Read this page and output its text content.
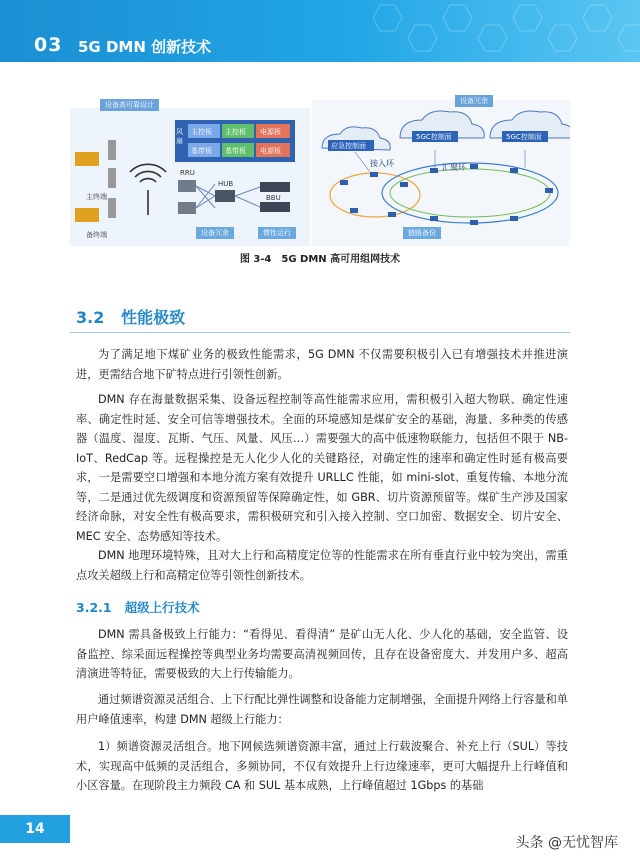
03 5G DMN 创新技术
设备高可靠设计	设备冗余
风扇
主控板 主控板 电源板
基带板 基带板 电源板
RRU
HUB
BBU
主终端
备终端	设备冗余	惯性运行	链路备份
应急控制面
5GC控制面	5GC控制面
接入环	汇聚环
图 3-4　5G DMN 高可用组网技术
3.2 性能极致

为了满足地下煤矿业务的极致性能需求，5G DMN 不仅需要积极引入已有增强技术并推进演进，更需结合地下矿特点进行引领性创新。

DMN 存在海量数据采集、设备远程控制等高性能需求应用，需积极引入超大物联、确定性速率、确定性时延、安全可信等增强技术。全面的环境感知是煤矿安全的基础，海量、多种类的传感器（温度、湿度、瓦斯、气压、风量、风压…）需要强大的高中低速物联能力，包括但不限于 NB-IoT、RedCap 等。远程操控是无人化少人化的关键路径，对确定性的速率和确定性时延有极高要求，一是需要空口增强和本地分流方案有效提升 URLLC 性能，如 mini-slot、重复传输、本地分流等，二是通过优先级调度和资源预留等保障确定性，如 GBR、切片资源预留等。煤矿生产涉及国家经济命脉，对安全性有极高要求，需积极研究和引入接入控制、空口加密、数据安全、切片安全、MEC 安全、态势感知等技术。

DMN 地理环境特殊，且对大上行和高精度定位等的性能需求在所有垂直行业中较为突出，需重点攻关超级上行和高精定位等引领性创新技术。

3.2.1 超级上行技术

DMN 需具备极致上行能力：“看得见、看得清” 是矿山无人化、少人化的基础，安全监管、设备监控、综采面远程操控等典型业务均需要高清视频回传，且存在设备密度大、并发用户多、超高清演进等特征，需要极致的大上行传输能力。

通过频谱资源灵活组合、上下行配比弹性调整和设备能力定制增强，全面提升网络上行容量和单用户峰值速率，构建 DMN 超级上行能力：

1）频谱资源灵活组合。地下网候选频谱资源丰富，通过上行载波聚合、补充上行（SUL）等技术，实现高中低频的灵活组合，多频协同，不仅有效提升上行边缘速率，更可大幅提升上行峰值和小区容量。在现阶段主力频段 CA 和 SUL 基本成熟，上行峰值超过 1Gbps 的基础

14
头条 @无忧智库
